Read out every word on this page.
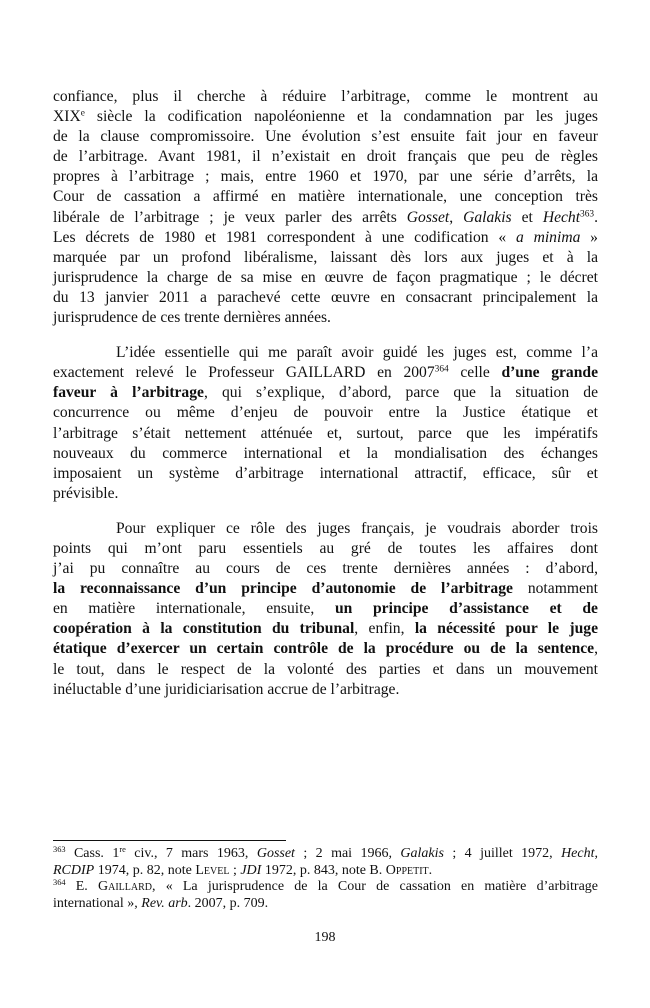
confiance, plus il cherche à réduire l’arbitrage, comme le montrent au
XIXe siècle la codification napoléonienne et la condamnation par les juges
de la clause compromissoire. Une évolution s’est ensuite fait jour en faveur
de l’arbitrage. Avant 1981, il n’existait en droit français que peu de règles
propres à l’arbitrage ; mais, entre 1960 et 1970, par une série d’arrêts, la
Cour de cassation a affirmé en matière internationale, une conception très
libérale de l’arbitrage ; je veux parler des arrêts Gosset, Galakis et Hecht$^{363}$.
Les décrets de 1980 et 1981 correspondent à une codification « a minima »
marquée par un profond libéralisme, laissant dès lors aux juges et à la
jurisprudence la charge de sa mise en œuvre de façon pragmatique ; le décret
du 13 janvier 2011 a parachevé cette œuvre en consacrant principalement la
jurisprudence de ces trente dernières années.
L’idée essentielle qui me paraît avoir guidé les juges est, comme l’a
exactement relevé le Professeur GAILLARD en 2007$^{364}$ celle d’une grande
faveur à l’arbitrage, qui s’explique, d’abord, parce que la situation de
concurrence ou même d’enjeu de pouvoir entre la Justice étatique et
l’arbitrage s’était nettement atténuée et, surtout, parce que les impératifs
nouveaux du commerce international et la mondialisation des échanges
imposaient un système d’arbitrage international attractif, efficace, sûr et
prévisible.
Pour expliquer ce rôle des juges français, je voudrais aborder trois
points qui m’ont paru essentiels au gré de toutes les affaires dont
j’ai pu connaître au cours de ces trente dernières années : d’abord,
la reconnaissance d’un principe d’autonomie de l’arbitrage notamment
en matière internationale, ensuite, un principe d’assistance et de
coopération à la constitution du tribunal, enfin, la nécessité pour le juge
étatique d’exercer un certain contrôle de la procédure ou de la sentence,
le tout, dans le respect de la volonté des parties et dans un mouvement
inéluctable d’une juridiciarisation accrue de l’arbitrage.
$^{363}$ Cass. 1re civ., 7 mars 1963, Gosset ; 2 mai 1966, Galakis ; 4 juillet 1972, Hecht,
RCDIP 1974, p. 82, note Level ; JDI 1972, p. 843, note B. Oppetit.
$^{364}$ E. Gaillard, « La jurisprudence de la Cour de cassation en matière d’arbitrage
international », Rev. arb. 2007, p. 709.
198
